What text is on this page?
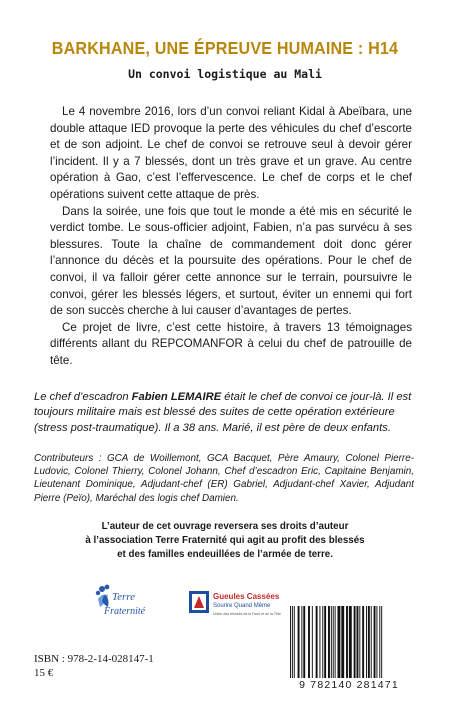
BARKHANE, UNE ÉPREUVE HUMAINE : H14
Un convoi logistique au Mali

Le 4 novembre 2016, lors d’un convoi reliant Kidal à Abeïbara, une double attaque IED provoque la perte des véhicules du chef d’escorte et de son adjoint. Le chef de convoi se retrouve seul à devoir gérer l’incident. Il y a 7 blessés, dont un très grave et un grave. Au centre opération à Gao, c’est l’effervescence. Le chef de corps et le chef opérations suivent cette attaque de près.

Dans la soirée, une fois que tout le monde a été mis en sécurité le verdict tombe. Le sous-officier adjoint, Fabien, n’a pas survécu à ses blessures. Toute la chaîne de commandement doit donc gérer l’annonce du décès et la poursuite des opérations. Pour le chef de convoi, il va falloir gérer cette annonce sur le terrain, poursuivre le convoi, gérer les blessés légers, et surtout, éviter un ennemi qui fort de son succès cherche à lui causer d’avantages de pertes.

Ce projet de livre, c’est cette histoire, à travers 13 témoignages différents allant du REPCOMANFOR à celui du chef de patrouille de tête.

Le chef d’escadron Fabien LEMAIRE était le chef de convoi ce jour-là. Il est toujours militaire mais est blessé des suites de cette opération extérieure (stress post-traumatique). Il a 38 ans. Marié, il est père de deux enfants.
Contributeurs : GCA de Woillemont, GCA Bacquet, Père Amaury, Colonel Pierre-Ludovic, Colonel Thierry, Colonel Johann, Chef d’escadron Eric, Capitaine Benjamin, Lieutenant Dominique, Adjudant-chef (ER) Gabriel, Adjudant-chef Xavier, Adjudant Pierre (Peïo), Maréchal des logis chef Damien.
L’auteur de cet ouvrage reversera ses droits d’auteur
à l’association Terre Fraternité qui agit au profit des blessés
et des familles endeuillées de l’armée de terre.
Terre
Fraternité
Gueules Cassées
Sourire Quand Même
Union des blessés de la Face et de la Tête
ISBN : 978-2-14-028147-1
15 €
9 782140 281471
